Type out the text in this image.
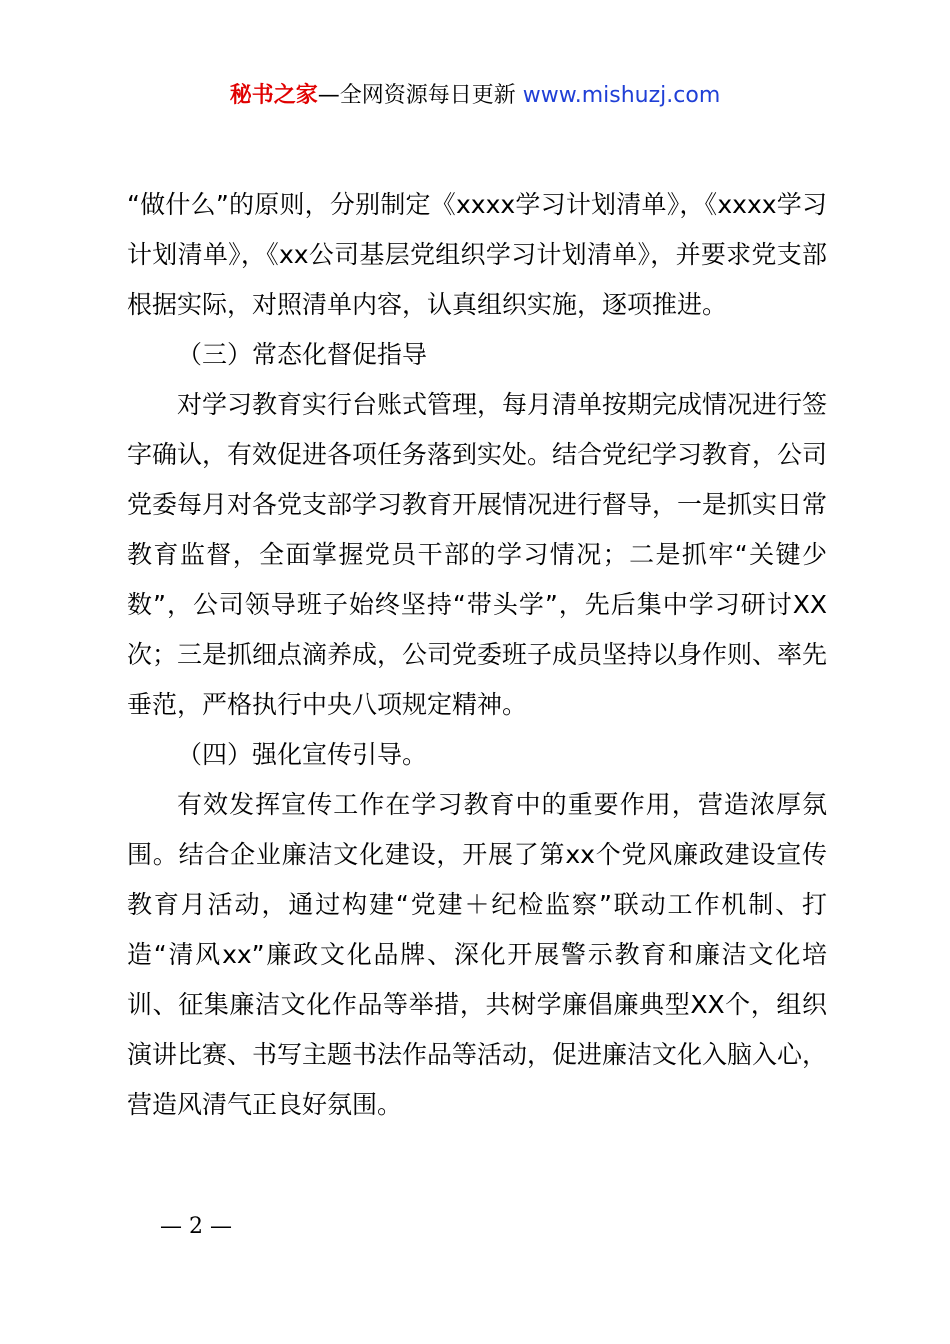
秘书之家—全网资源每日更新 www.mishuzj.com

“做什么”的原则，分别制定《xxxx学习计划清单》，《xxxx学习计划清单》，《xx公司基层党组织学习计划清单》，并要求党支部根据实际，对照清单内容，认真组织实施，逐项推进。

（三）常态化督促指导

对学习教育实行台账式管理，每月清单按期完成情况进行签字确认，有效促进各项任务落到实处。结合党纪学习教育，公司党委每月对各党支部学习教育开展情况进行督导，一是抓实日常教育监督，全面掌握党员干部的学习情况；二是抓牢“关键少数”，公司领导班子始终坚持“带头学”，先后集中学习研讨XX次；三是抓细点滴养成，公司党委班子成员坚持以身作则、率先垂范，严格执行中央八项规定精神。

（四）强化宣传引导。

有效发挥宣传工作在学习教育中的重要作用，营造浓厚氛围。结合企业廉洁文化建设，开展了第xx个党风廉政建设宣传教育月活动，通过构建“党建＋纪检监察”联动工作机制、打造“清风xx”廉政文化品牌、深化开展警示教育和廉洁文化培训、征集廉洁文化作品等举措，共树学廉倡廉典型XX个，组织演讲比赛、书写主题书法作品等活动，促进廉洁文化入脑入心，营造风清气正良好氛围。

— 2 —
